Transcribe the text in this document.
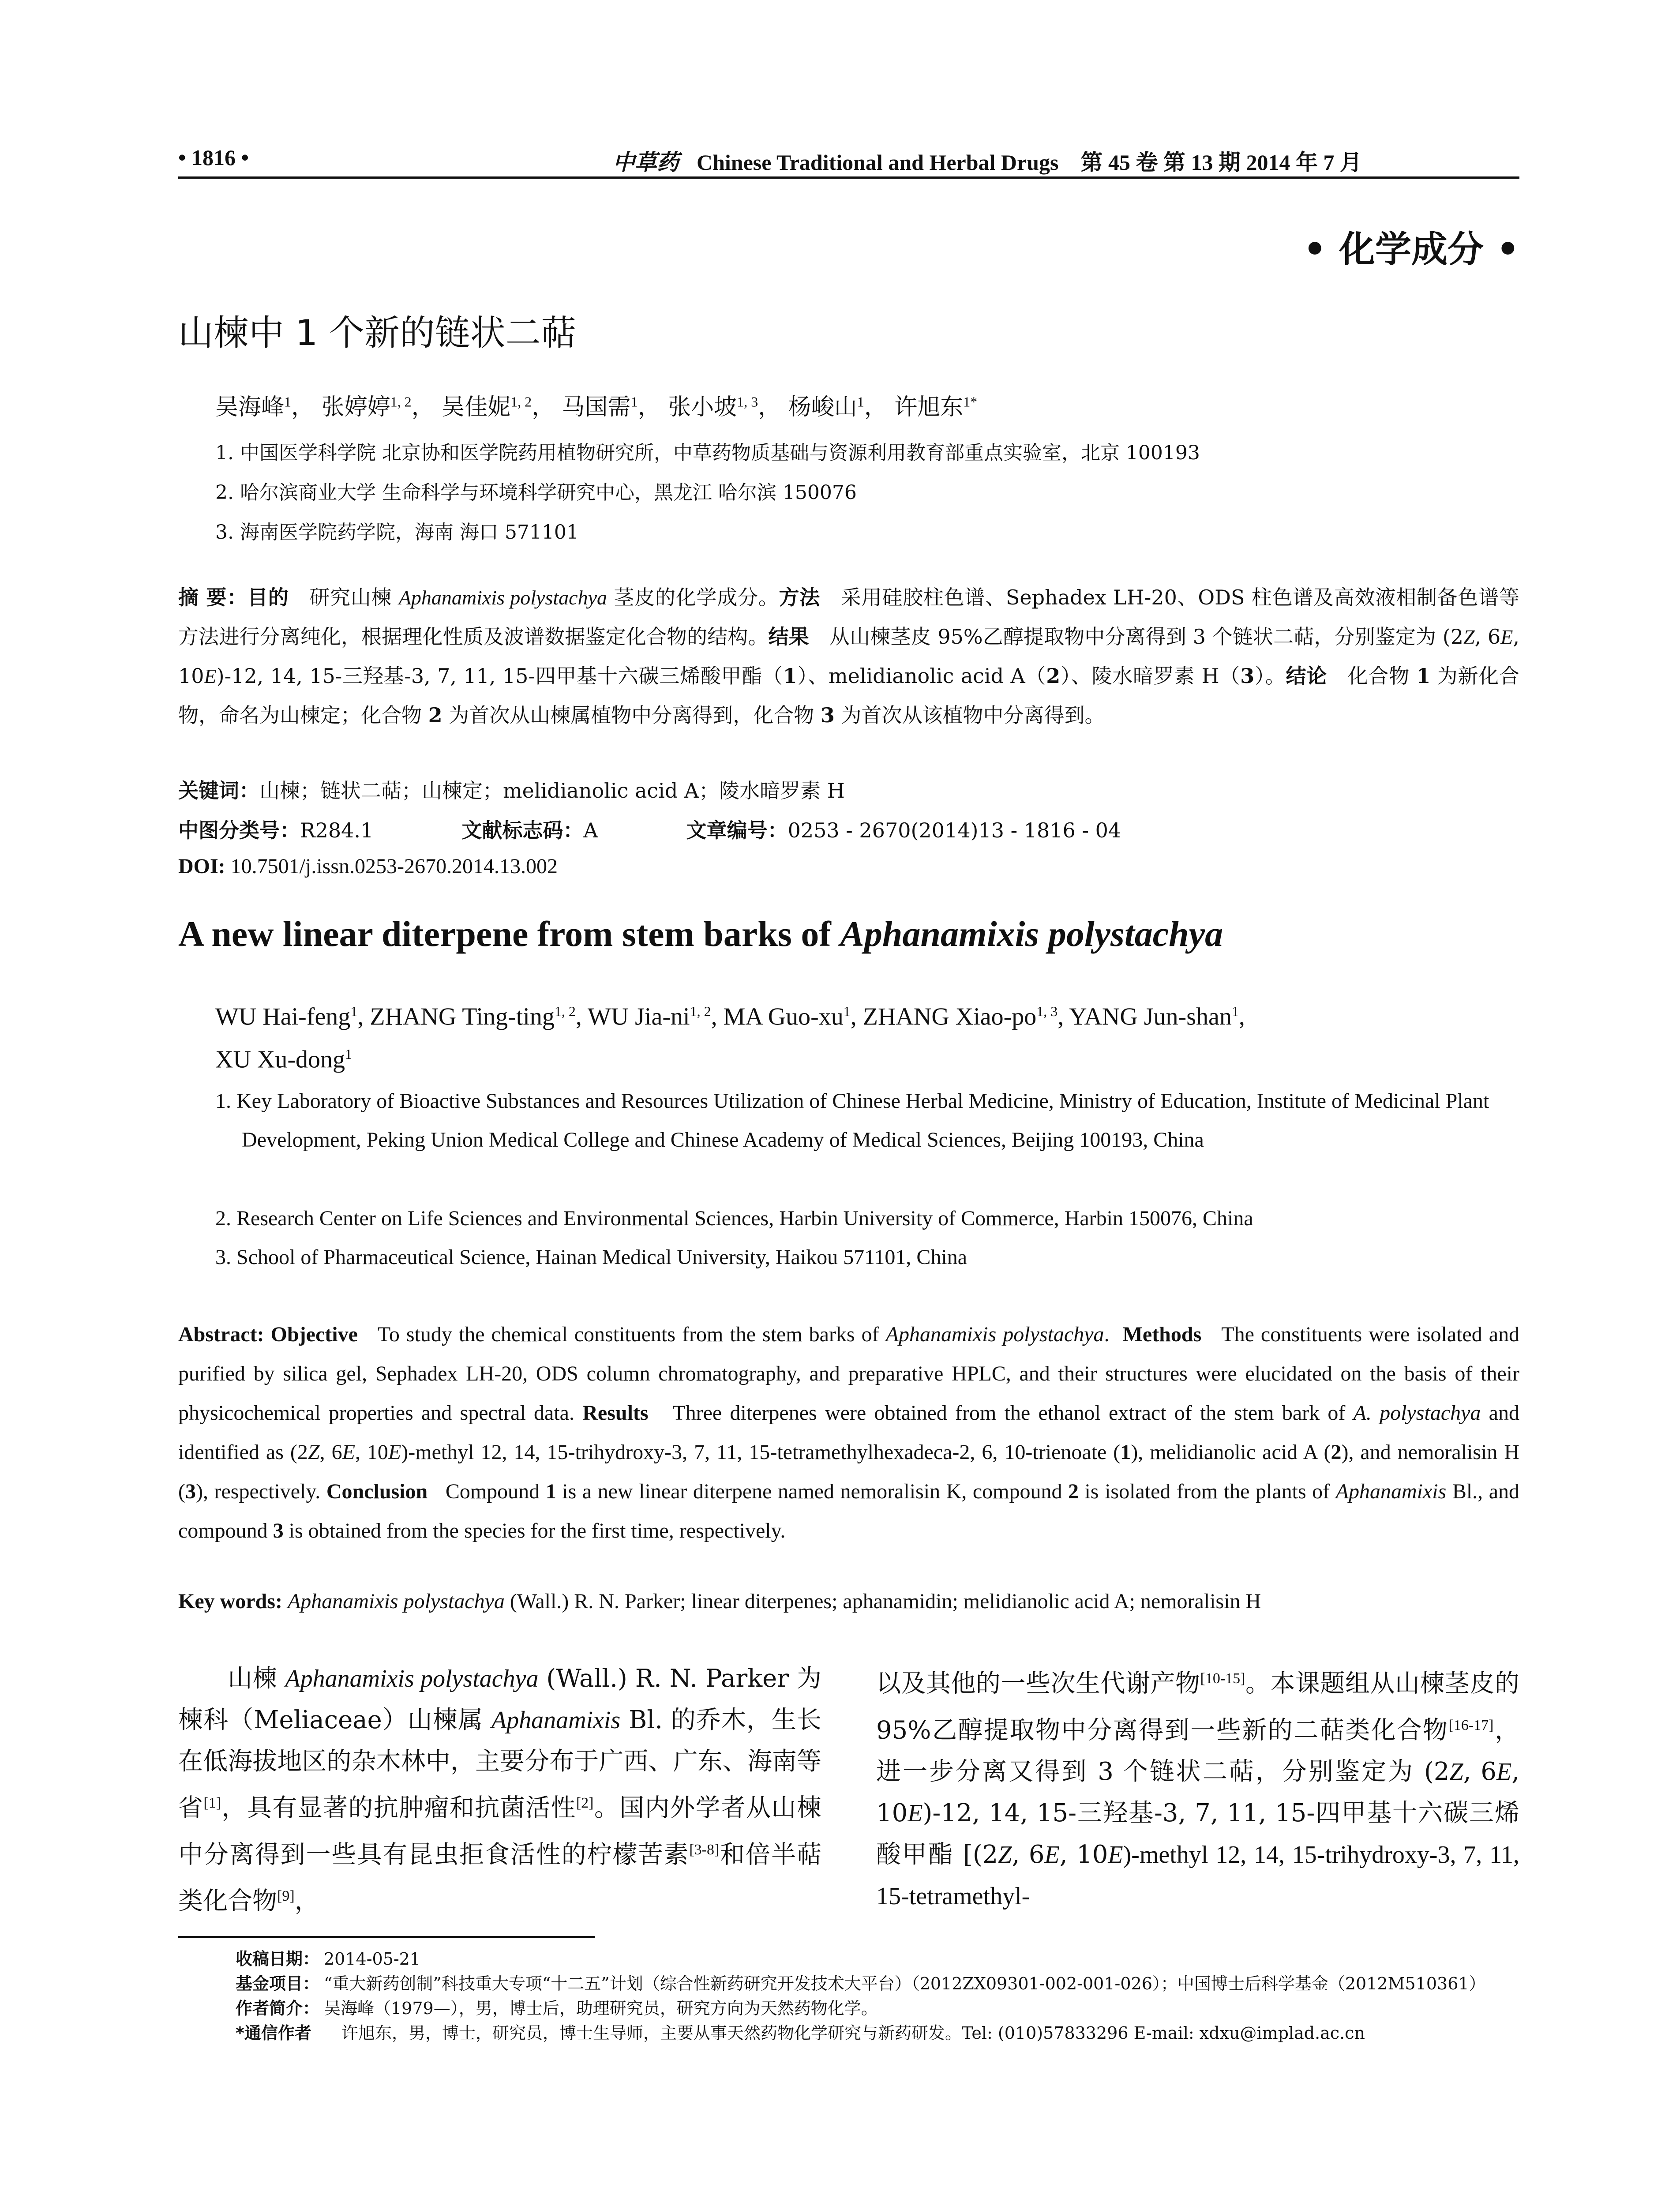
• 1816 •	中草药 Chinese Traditional and Herbal Drugs 第 45 卷 第 13 期 2014 年 7 月
• 化学成分 •
山楝中 1 个新的链状二萜
吴海峰$^1$， 张婷婷$^{1, 2}$， 吴佳妮$^{1, 2}$， 马国需$^1$， 张小坡$^{1, 3}$， 杨峻山$^1$， 许旭东$^{1*}$
1. 中国医学科学院 北京协和医学院药用植物研究所，中草药物质基础与资源利用教育部重点实验室，北京 100193
2. 哈尔滨商业大学 生命科学与环境科学研究中心，黑龙江 哈尔滨 150076
3. 海南医学院药学院，海南 海口 571101
摘 要：目的　 研究山楝 Aphanamixis polystachya 茎皮的化学成分。方法　 采用硅胶柱色谱、Sephadex LH-20、ODS 柱色谱及高效液相制备色谱等方法进行分离纯化，根据理化性质及波谱数据鉴定化合物的结构。结果　 从山楝茎皮 95%乙醇提取物中分离得到 3 个链状二萜，分别鉴定为 (2Z, 6E, 10E)-12, 14, 15-三羟基-3, 7, 11, 15-四甲基十六碳三烯酸甲酯（1）、melidianolic acid A（2）、陵水暗罗素 H（3）。结论　 化合物 1 为新化合物，命名为山楝定；化合物 2 为首次从山楝属植物中分离得到，化合物 3 为首次从该植物中分离得到。
关键词：山楝；链状二萜；山楝定；melidianolic acid A；陵水暗罗素 H
中图分类号：R284.1	文献标志码：A	文章编号：0253 - 2670(2014)13 - 1816 - 04
DOI: 10.7501/j.issn.0253-2670.2014.13.002
A new linear diterpene from stem barks of Aphanamixis polystachya
WU Hai-feng$^1$, ZHANG Ting-ting$^{1, 2}$, WU Jia-ni$^{1, 2}$, MA Guo-$xu^1$, ZHANG Xiao-po$^{1, 3}$, YANG Jun-shan$^1$,
XU Xu-dong$^1$
1. Key Laboratory of Bioactive Substances and Resources Utilization of Chinese Herbal Medicine, Ministry of Education, Institute of Medicinal Plant Development, Peking Union Medical College and Chinese Academy of Medical Sciences, Beijing 100193, China
2. Research Center on Life Sciences and Environmental Sciences, Harbin University of Commerce, Harbin 150076, China
3. School of Pharmaceutical Science, Hainan Medical University, Haikou 571101, China
Abstract: Objective To study the chemical constituents from the stem barks of Aphanamixis polystachya. Methods The constituents were isolated and purified by silica gel, Sephadex LH-20, ODS column chromatography, and preparative HPLC, and their structures were elucidated on the basis of their physicochemical properties and spectral data. Results Three diterpenes were obtained from the ethanol extract of the stem bark of A. polystachya and identified as (2Z, 6E, 10E)-methyl 12, 14, 15-trihydroxy-3, 7, 11, 15-tetramethylhexadeca-2, 6, 10-trienoate (1), melidianolic acid A (2), and nemoralisin H (3), respectively. Conclusion Compound 1 is a new linear diterpene named nemoralisin K, compound 2 is isolated from the plants of Aphanamixis Bl., and compound 3 is obtained from the species for the first time, respectively.
Key words: Aphanamixis polystachya (Wall.) R. N. Parker; linear diterpenes; aphanamidin; melidianolic acid A; nemoralisin H
山楝 Aphanamixis polystachya (Wall.) R. N. Parker 为楝科（Meliaceae）山楝属 Aphanamixis Bl. 的乔木，生长在低海拔地区的杂木林中，主要分布于广西、广东、海南等省[1]，具有显著的抗肿瘤和抗菌活性[2]。国内外学者从山楝中分离得到一些具有昆虫拒食活性的柠檬苦素[3-8]和倍半萜类化合物[9]，
以及其他的一些次生代谢产物[10-15]。本课题组从山楝茎皮的95%乙醇提取物中分离得到一些新的二萜类化合物[16-17]，进一步分离又得到 3 个链状二萜，分别鉴定为 (2Z, 6E, 10E)-12, 14, 15-三羟基-3, 7, 11, 15-四甲基十六碳三烯酸甲酯 [(2Z, 6E, 10E)-methyl 12, 14, 15-trihydroxy-3, 7, 11, 15-tetramethyl-
收稿日期： 2014-05-21
基金项目： “重大新药创制”科技重大专项“十二五”计划（综合性新药研究开发技术大平台）（2012ZX09301-002-001-026）；中国博士后科学基金（2012M510361）
作者简介： 吴海峰（1979—），男，博士后，助理研究员，研究方向为天然药物化学。
*通信作者	许旭东，男，博士，研究员，博士生导师，主要从事天然药物化学研究与新药研发。Tel: (010)57833296 E-mail: xdxu@implad.ac.cn
